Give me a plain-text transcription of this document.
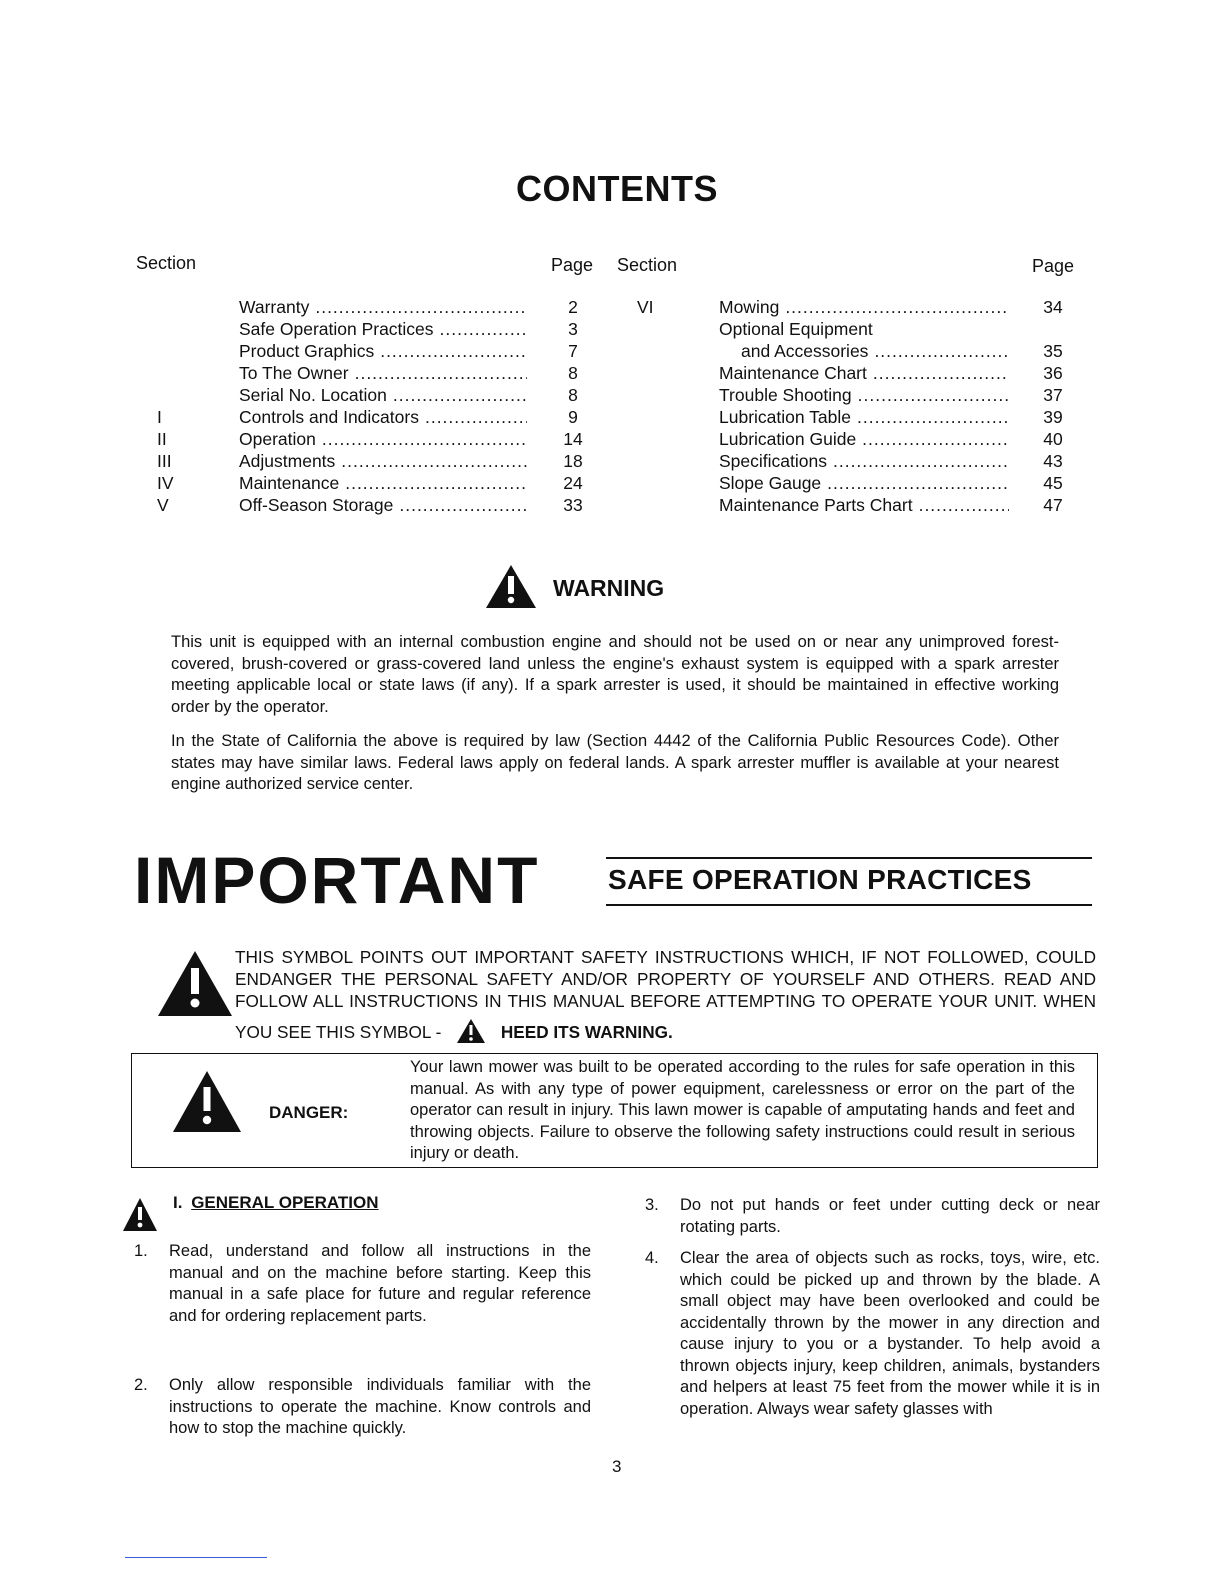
CONTENTS
Section	Page Section	Page
Warranty .....	2
Safe Operation Practices .....	3
Product Graphics .....	7
To The Owner .....	8
Serial No. Location .....	8
I	Controls and Indicators .....	9
II	Operation .....	14
III	Adjustments .....	18
IV	Maintenance .....	24
V	Off-Season Storage .....	33
VI	Mowing .....	34
Optional Equipment
and Accessories .....	35
Maintenance Chart .....	36
Trouble Shooting .....	37
Lubrication Table .....	39
Lubrication Guide .....	40
Specifications .....	43
Slope Gauge .....	45
Maintenance Parts Chart .....	47
WARNING
This unit is equipped with an internal combustion engine and should not be used on or near any unimproved forest-covered, brush-covered or grass-covered land unless the engine's exhaust system is equipped with a spark arrester meeting applicable local or state laws (if any). If a spark arrester is used, it should be maintained in effective working order by the operator.
In the State of California the above is required by law (Section 4442 of the California Public Resources Code). Other states may have similar laws. Federal laws apply on federal lands. A spark arrester muffler is available at your nearest engine authorized service center.
IMPORTANT SAFE OPERATION PRACTICES
THIS SYMBOL POINTS OUT IMPORTANT SAFETY INSTRUCTIONS WHICH, IF NOT FOLLOWED, COULD ENDANGER THE PERSONAL SAFETY AND/OR PROPERTY OF YOURSELF AND OTHERS. READ AND FOLLOW ALL INSTRUCTIONS IN THIS MANUAL BEFORE ATTEMPTING TO OPERATE YOUR UNIT. WHEN YOU SEE THIS SYMBOL -	HEED ITS WARNING.
DANGER:
Your lawn mower was built to be operated according to the rules for safe operation in this manual. As with any type of power equipment, carelessness or error on the part of the operator can result in injury. This lawn mower is capable of amputating hands and feet and throwing objects. Failure to observe the following safety instructions could result in serious injury or death.
I. GENERAL OPERATION
1. Read, understand and follow all instructions in the manual and on the machine before starting. Keep this manual in a safe place for future and regular reference and for ordering replacement parts.
2. Only allow responsible individuals familiar with the instructions to operate the machine. Know controls and how to stop the machine quickly.
3. Do not put hands or feet under cutting deck or near rotating parts.
4. Clear the area of objects such as rocks, toys, wire, etc. which could be picked up and thrown by the blade. A small object may have been overlooked and could be accidentally thrown by the mower in any direction and cause injury to you or a bystander. To help avoid a thrown objects injury, keep children, animals, bystanders and helpers at least 75 feet from the mower while it is in operation. Always wear safety glasses with
3
